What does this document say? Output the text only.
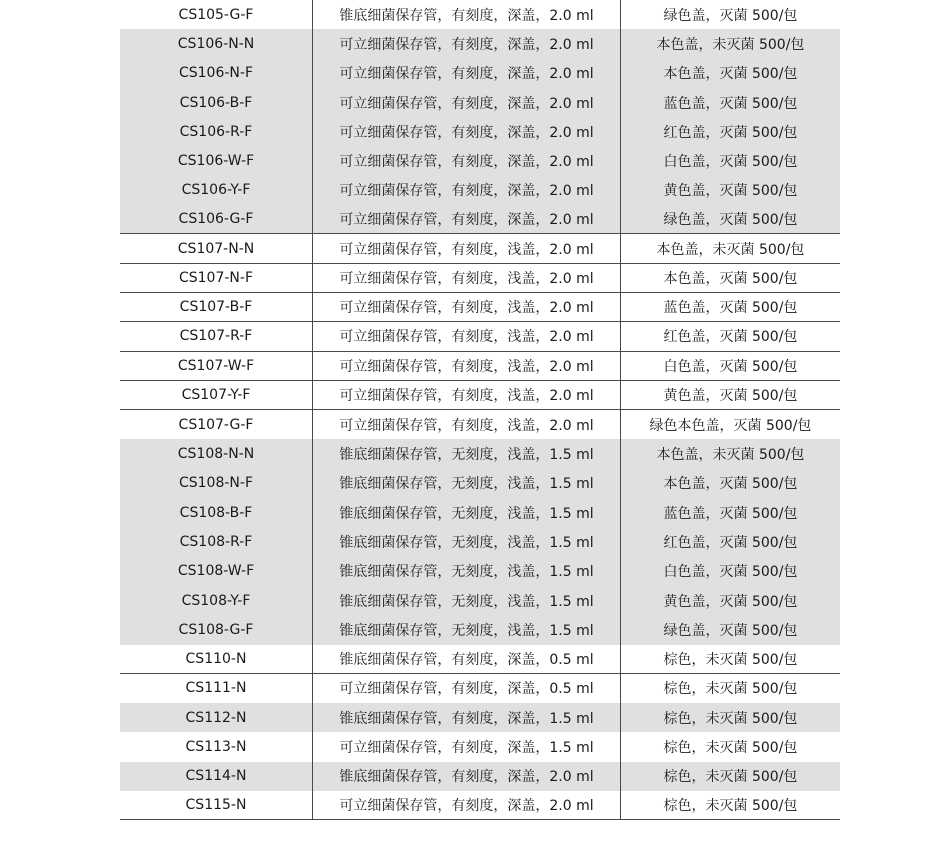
CS105-G-F	锥底细菌保存管，有刻度，深盖，2.0 ml	绿色盖，灭菌 500/包
CS106-N-N	可立细菌保存管，有刻度，深盖，2.0 ml	本色盖，未灭菌 500/包
CS106-N-F	可立细菌保存管，有刻度，深盖，2.0 ml	本色盖，灭菌 500/包
CS106-B-F	可立细菌保存管，有刻度，深盖，2.0 ml	蓝色盖，灭菌 500/包
CS106-R-F	可立细菌保存管，有刻度，深盖，2.0 ml	红色盖，灭菌 500/包
CS106-W-F	可立细菌保存管，有刻度，深盖，2.0 ml	白色盖，灭菌 500/包
CS106-Y-F	可立细菌保存管，有刻度，深盖，2.0 ml	黄色盖，灭菌 500/包
CS106-G-F	可立细菌保存管，有刻度，深盖，2.0 ml	绿色盖，灭菌 500/包
CS107-N-N	可立细菌保存管，有刻度，浅盖，2.0 ml	本色盖，未灭菌 500/包
CS107-N-F	可立细菌保存管，有刻度，浅盖，2.0 ml	本色盖，灭菌 500/包
CS107-B-F	可立细菌保存管，有刻度，浅盖，2.0 ml	蓝色盖，灭菌 500/包
CS107-R-F	可立细菌保存管，有刻度，浅盖，2.0 ml	红色盖，灭菌 500/包
CS107-W-F	可立细菌保存管，有刻度，浅盖，2.0 ml	白色盖，灭菌 500/包
CS107-Y-F	可立细菌保存管，有刻度，浅盖，2.0 ml	黄色盖，灭菌 500/包
CS107-G-F	可立细菌保存管，有刻度，浅盖，2.0 ml	绿色本色盖，灭菌 500/包
CS108-N-N	锥底细菌保存管，无刻度，浅盖，1.5 ml	本色盖，未灭菌 500/包
CS108-N-F	锥底细菌保存管，无刻度，浅盖，1.5 ml	本色盖，灭菌 500/包
CS108-B-F	锥底细菌保存管，无刻度，浅盖，1.5 ml	蓝色盖，灭菌 500/包
CS108-R-F	锥底细菌保存管，无刻度，浅盖，1.5 ml	红色盖，灭菌 500/包
CS108-W-F	锥底细菌保存管，无刻度，浅盖，1.5 ml	白色盖，灭菌 500/包
CS108-Y-F	锥底细菌保存管，无刻度，浅盖，1.5 ml	黄色盖，灭菌 500/包
CS108-G-F	锥底细菌保存管，无刻度，浅盖，1.5 ml	绿色盖，灭菌 500/包
CS110-N	锥底细菌保存管，有刻度，深盖，0.5 ml	棕色，未灭菌 500/包
CS111-N	可立细菌保存管，有刻度，深盖，0.5 ml	棕色，未灭菌 500/包
CS112-N	锥底细菌保存管，有刻度，深盖，1.5 ml	棕色，未灭菌 500/包
CS113-N	可立细菌保存管，有刻度，深盖，1.5 ml	棕色，未灭菌 500/包
CS114-N	锥底细菌保存管，有刻度，深盖，2.0 ml	棕色，未灭菌 500/包
CS115-N	可立细菌保存管，有刻度，深盖，2.0 ml	棕色，未灭菌 500/包
